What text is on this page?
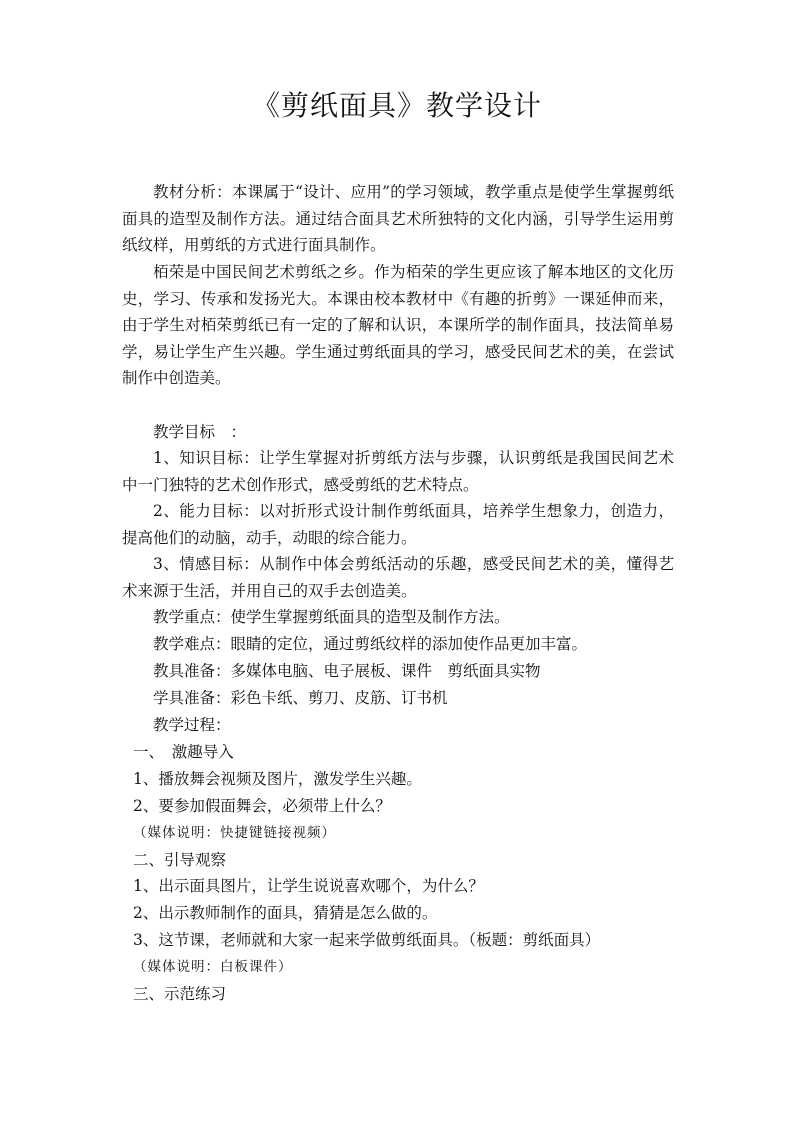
《剪纸面具》教学设计

教材分析：本课属于“设计、应用”的学习领域，教学重点是使学生掌握剪纸面具的造型及制作方法。通过结合面具艺术所独特的文化内涵，引导学生运用剪纸纹样，用剪纸的方式进行面具制作。

栢荣是中国民间艺术剪纸之乡。作为栢荣的学生更应该了解本地区的文化历史，学习、传承和发扬光大。本课由校本教材中《有趣的折剪》一课延伸而来，由于学生对栢荣剪纸已有一定的了解和认识，本课所学的制作面具，技法简单易学，易让学生产生兴趣。学生通过剪纸面具的学习，感受民间艺术的美，在尝试制作中创造美。

教学目标　：

1、知识目标：让学生掌握对折剪纸方法与步骤，认识剪纸是我国民间艺术中一门独特的艺术创作形式，感受剪纸的艺术特点。

2、能力目标：以对折形式设计制作剪纸面具，培养学生想象力，创造力，提高他们的动脑，动手，动眼的综合能力。

3、情感目标：从制作中体会剪纸活动的乐趣，感受民间艺术的美，懂得艺术来源于生活，并用自己的双手去创造美。

教学重点：使学生掌握剪纸面具的造型及制作方法。

教学难点：眼睛的定位，通过剪纸纹样的添加使作品更加丰富。

教具准备：多媒体电脑、电子展板、课件　剪纸面具实物

学具准备：彩色卡纸、剪刀、皮筋、订书机

教学过程：

一、　激趣导入

1、播放舞会视频及图片，激发学生兴趣。

2、要参加假面舞会，必须带上什么？

（媒体说明：快捷键链接视频）

二、引导观察

1、出示面具图片，让学生说说喜欢哪个，为什么？

2、出示教师制作的面具，猜猜是怎么做的。

3、这节课，老师就和大家一起来学做剪纸面具。（板题：剪纸面具）

（媒体说明：白板课件）

三、示范练习
